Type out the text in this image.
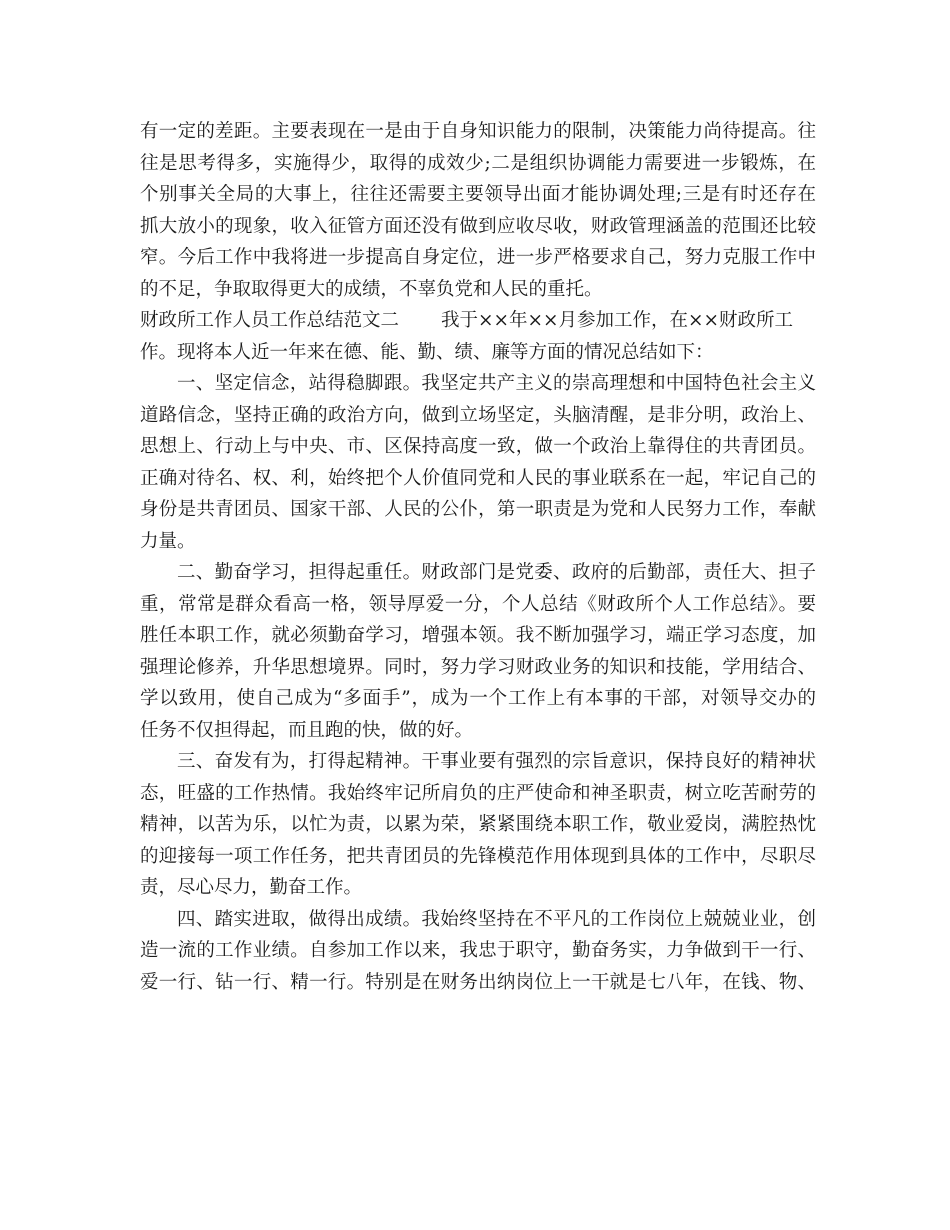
有一定的差距。主要表现在一是由于自身知识能力的限制，决策能力尚待提高。往
往是思考得多，实施得少，取得的成效少;二是组织协调能力需要进一步锻炼，在
个别事关全局的大事上，往往还需要主要领导出面才能协调处理;三是有时还存在
抓大放小的现象，收入征管方面还没有做到应收尽收，财政管理涵盖的范围还比较
窄。今后工作中我将进一步提高自身定位，进一步严格要求自己，努力克服工作中
的不足，争取取得更大的成绩，不辜负党和人民的重托。
财政所工作人员工作总结范文二 我于××年××月参加工作，在××财政所工
作。现将本人近一年来在德、能、勤、绩、廉等方面的情况总结如下：
一、坚定信念，站得稳脚跟。我坚定共产主义的崇高理想和中国特色社会主义
道路信念，坚持正确的政治方向，做到立场坚定，头脑清醒，是非分明，政治上、
思想上、行动上与中央、市、区保持高度一致，做一个政治上靠得住的共青团员。
正确对待名、权、利，始终把个人价值同党和人民的事业联系在一起，牢记自己的
身份是共青团员、国家干部、人民的公仆，第一职责是为党和人民努力工作，奉献
力量。
二、勤奋学习，担得起重任。财政部门是党委、政府的后勤部，责任大、担子
重，常常是群众看高一格，领导厚爱一分，个人总结《财政所个人工作总结》。要
胜任本职工作，就必须勤奋学习，增强本领。我不断加强学习，端正学习态度，加
强理论修养，升华思想境界。同时，努力学习财政业务的知识和技能，学用结合、
学以致用，使自己成为“多面手”，成为一个工作上有本事的干部，对领导交办的
任务不仅担得起，而且跑的快，做的好。
三、奋发有为，打得起精神。干事业要有强烈的宗旨意识，保持良好的精神状
态，旺盛的工作热情。我始终牢记所肩负的庄严使命和神圣职责，树立吃苦耐劳的
精神，以苦为乐，以忙为责，以累为荣，紧紧围绕本职工作，敬业爱岗，满腔热忱
的迎接每一项工作任务，把共青团员的先锋模范作用体现到具体的工作中，尽职尽
责，尽心尽力，勤奋工作。
四、踏实进取，做得出成绩。我始终坚持在不平凡的工作岗位上兢兢业业，创
造一流的工作业绩。自参加工作以来，我忠于职守，勤奋务实，力争做到干一行、
爱一行、钻一行、精一行。特别是在财务出纳岗位上一干就是七八年，在钱、物、
